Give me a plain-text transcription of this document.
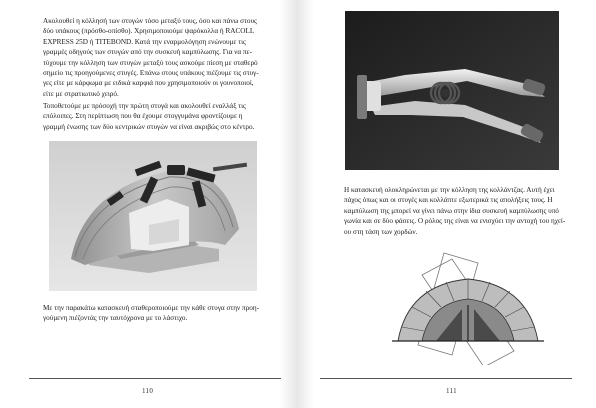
Ακολουθεί η κόλλησή των στυγών τόσο μεταξύ τους, όσο και πάνω στους
δύο υπάκους (πρόσθο-οπίσθο). Χρησιμοποιούμε ψαρόκολλα ή RACOLL
EXPRESS 25D ή TITEBOND. Κατά την εναρμολόγηση ενώνουμε τις
γραμμές οδηγούς των στυγών από την συσκευή καμπύλωσης. Για να πε-
τύχουμε την κόλληση των στυγών μεταξύ τους ασκούμε πίεση με σταθερό
σημείο τις προηγούμενες στυγές. Επάνω στους υπάκους πιέζουμε τις στυγ-
γες είτε με κάρφωμα με ειδικά καρφιά που χρησιμοποιούν οι γουνοποιοί,
είτε με στρατιωτικό χειρό.
Τοποθετούμε με πρόσοχή την πρώτη στυγά και ακολουθεί εναλλάξ τις
επόλοιπες. Στη περίπτωση που θα έχουμε στογγυμάνα φροντίζουμε η
γραμμή ένωσης των δύο κεντρικών στυγών να είναι ακριβώς στο κέντρο.
Με την παρακάτω κατασκευή σταθεροποιούμε την κάθε στυγα στην προη-
γούμενη πιέζοντάς την ταυτόχρονα με το λάστιχο.
110
Η κατασκευή ολοκληρώνεται με την κόλληση της κολλάντζας. Αυτή έχει
πάχος όπως και οι στυγές και κολλάπτε εξωτερικά τις απολήξεις τους. Η
καμπύλωση της μπορεί να γίνει πάνω στην ίδια συσκευή καμπύλωσης υπό
γωνία και σε δύο φάσεις. Ο ρόλος της είναι να ενισχύει την αντοχή του ηχεί-
ου στη τάση των χορδών.
111
